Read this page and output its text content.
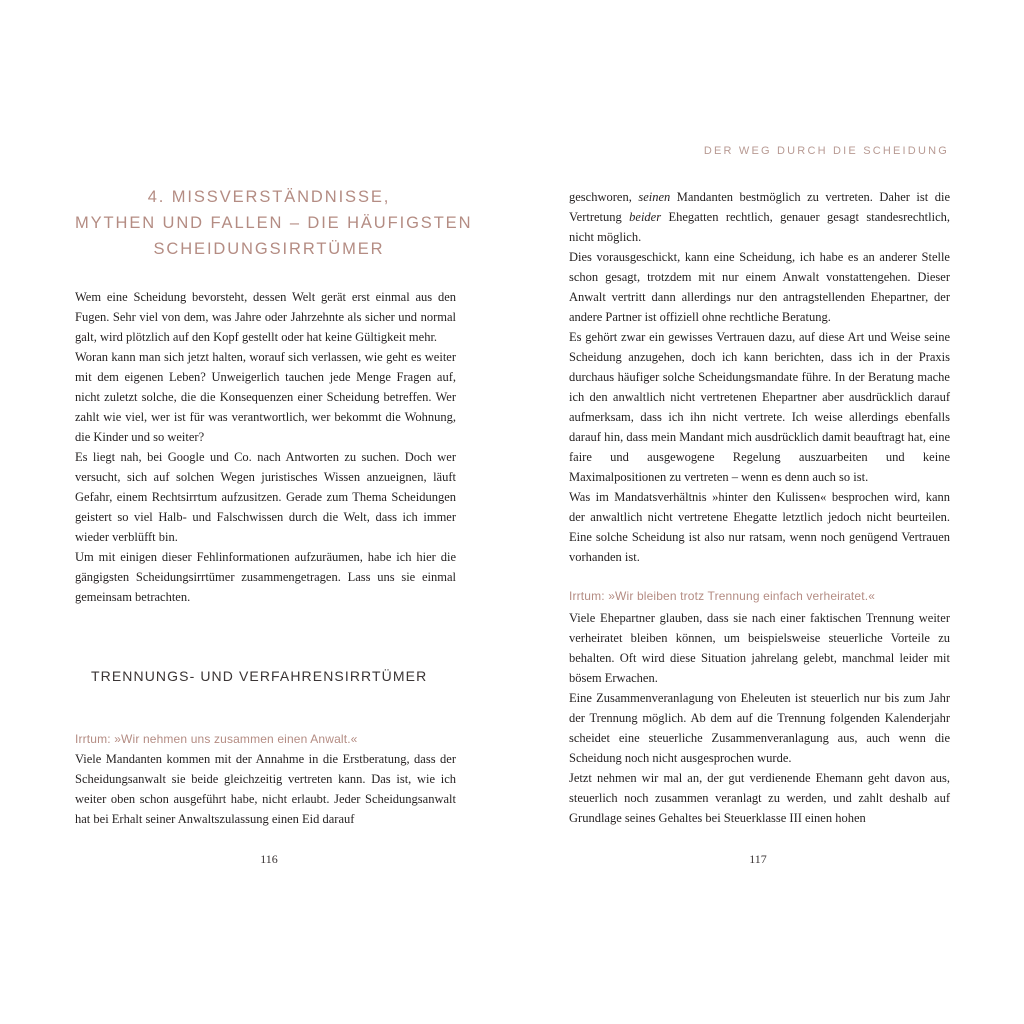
4. MISSVERSTÄNDNISSE,
MYTHEN UND FALLEN – DIE HÄUFIGSTEN
SCHEIDUNGSIRRTÜMER

Wem eine Scheidung bevorsteht, dessen Welt gerät erst einmal aus den Fugen. Sehr viel von dem, was Jahre oder Jahrzehnte als sicher und normal galt, wird plötzlich auf den Kopf gestellt oder hat keine Gültigkeit mehr.

Woran kann man sich jetzt halten, worauf sich verlassen, wie geht es weiter mit dem eigenen Leben? Unweigerlich tauchen jede Menge Fragen auf, nicht zuletzt solche, die die Konsequenzen einer Scheidung betreffen. Wer zahlt wie viel, wer ist für was verantwortlich, wer bekommt die Wohnung, die Kinder und so weiter?

Es liegt nah, bei Google und Co. nach Antworten zu suchen. Doch wer versucht, sich auf solchen Wegen juristisches Wissen anzueignen, läuft Gefahr, einem Rechtsirrtum aufzusitzen. Gerade zum Thema Scheidungen geistert so viel Halb- und Falschwissen durch die Welt, dass ich immer wieder verblüfft bin.

Um mit einigen dieser Fehlinformationen aufzuräumen, habe ich hier die gängigsten Scheidungsirrtümer zusammengetragen. Lass uns sie einmal gemeinsam betrachten.

TRENNUNGS- UND VERFAHRENSIRRTÜMER
Irrtum: »Wir nehmen uns zusammen einen Anwalt.«

Viele Mandanten kommen mit der Annahme in die Erstberatung, dass der Scheidungsanwalt sie beide gleichzeitig vertreten kann. Das ist, wie ich weiter oben schon ausgeführt habe, nicht erlaubt. Jeder Scheidungsanwalt hat bei Erhalt seiner Anwaltszulassung einen Eid darauf

116
DER WEG DURCH DIE SCHEIDUNG

geschworen, seinen Mandanten bestmöglich zu vertreten. Daher ist die Vertretung beider Ehegatten rechtlich, genauer gesagt standesrechtlich, nicht möglich.

Dies vorausgeschickt, kann eine Scheidung, ich habe es an anderer Stelle schon gesagt, trotzdem mit nur einem Anwalt vonstattengehen. Dieser Anwalt vertritt dann allerdings nur den antragstellenden Ehepartner, der andere Partner ist offiziell ohne rechtliche Beratung.

Es gehört zwar ein gewisses Vertrauen dazu, auf diese Art und Weise seine Scheidung anzugehen, doch ich kann berichten, dass ich in der Praxis durchaus häufiger solche Scheidungsmandate führe. In der Beratung mache ich den anwaltlich nicht vertretenen Ehepartner aber ausdrücklich darauf aufmerksam, dass ich ihn nicht vertrete. Ich weise allerdings ebenfalls darauf hin, dass mein Mandant mich ausdrücklich damit beauftragt hat, eine faire und ausgewogene Regelung auszuarbeiten und keine Maximalpositionen zu vertreten – wenn es denn auch so ist.

Was im Mandatsverhältnis »hinter den Kulissen« besprochen wird, kann der anwaltlich nicht vertretene Ehegatte letztlich jedoch nicht beurteilen. Eine solche Scheidung ist also nur ratsam, wenn noch genügend Vertrauen vorhanden ist.

Irrtum: »Wir bleiben trotz Trennung einfach verheiratet.«

Viele Ehepartner glauben, dass sie nach einer faktischen Trennung weiter verheiratet bleiben können, um beispielsweise steuerliche Vorteile zu behalten. Oft wird diese Situation jahrelang gelebt, manchmal leider mit bösem Erwachen.

Eine Zusammenveranlagung von Eheleuten ist steuerlich nur bis zum Jahr der Trennung möglich. Ab dem auf die Trennung folgenden Kalenderjahr scheidet eine steuerliche Zusammenveranlagung aus, auch wenn die Scheidung noch nicht ausgesprochen wurde.

Jetzt nehmen wir mal an, der gut verdienende Ehemann geht davon aus, steuerlich noch zusammen veranlagt zu werden, und zahlt deshalb auf Grundlage seines Gehaltes bei Steuerklasse III einen hohen

117
